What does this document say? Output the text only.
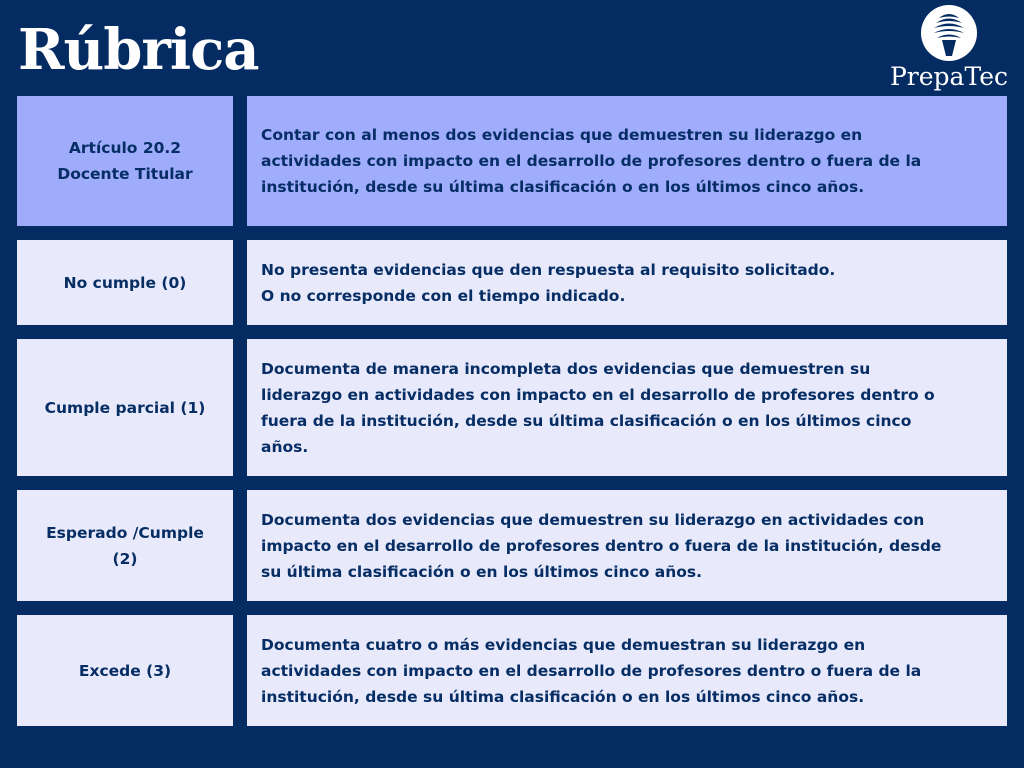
Rúbrica	PrepaTec
Artículo 20.2
Docente Titular
Contar con al menos dos evidencias que demuestren su liderazgo en
actividades con impacto en el desarrollo de profesores dentro o fuera de la
institución, desde su última clasificación o en los últimos cinco años.
No cumple (0)
No presenta evidencias que den respuesta al requisito solicitado.
O no corresponde con el tiempo indicado.
Cumple parcial (1)
Documenta de manera incompleta dos evidencias que demuestren su
liderazgo en actividades con impacto en el desarrollo de profesores dentro o
fuera de la institución, desde su última clasificación o en los últimos cinco
años.
Esperado /Cumple
(2)
Documenta dos evidencias que demuestren su liderazgo en actividades con
impacto en el desarrollo de profesores dentro o fuera de la institución, desde
su última clasificación o en los últimos cinco años.
Excede (3)
Documenta cuatro o más evidencias que demuestran su liderazgo en
actividades con impacto en el desarrollo de profesores dentro o fuera de la
institución, desde su última clasificación o en los últimos cinco años.
